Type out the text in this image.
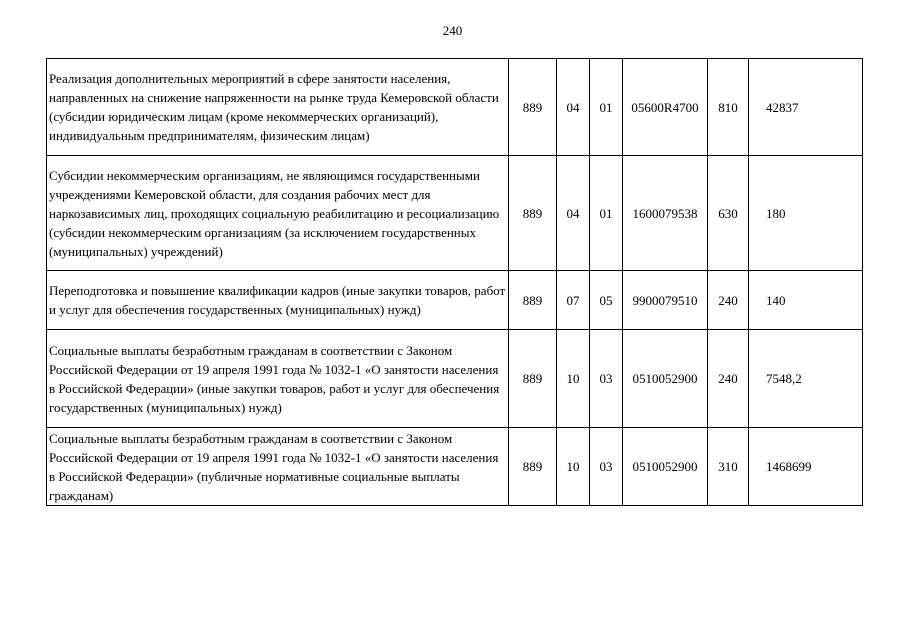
240
Реализация дополнительных мероприятий в сфере занятости населения, направленных на снижение напряженности на рынке труда Кемеровской области (субсидии юридическим лицам (кроме некоммерческих организаций), индивидуальным предпринимателям, физическим лицам)	889	04	01	05600R4700	810	42837
Субсидии некоммерческим организациям, не являющимся государственными учреждениями Кемеровской области, для создания рабочих мест для наркозависимых лиц, проходящих социальную реабилитацию и ресоциализацию (субсидии некоммерческим организациям (за исключением государственных (муниципальных) учреждений)	889	04	01	1600079538	630	180
Переподготовка и повышение квалификации кадров (иные закупки товаров, работ и услуг для обеспечения государственных (муниципальных) нужд)	889	07	05	9900079510	240	140
Социальные выплаты безработным гражданам в соответствии с Законом Российской Федерации от 19 апреля 1991 года № 1032-1 «О занятости населения в Российской Федерации» (иные закупки товаров, работ и услуг для обеспечения государственных (муниципальных) нужд)	889	10	03	0510052900	240	7548,2
Социальные выплаты безработным гражданам в соответствии с Законом Российской Федерации от 19 апреля 1991 года № 1032-1 «О занятости населения в Российской Федерации» (публичные нормативные социальные выплаты гражданам)	889	10	03	0510052900	310	1468699
